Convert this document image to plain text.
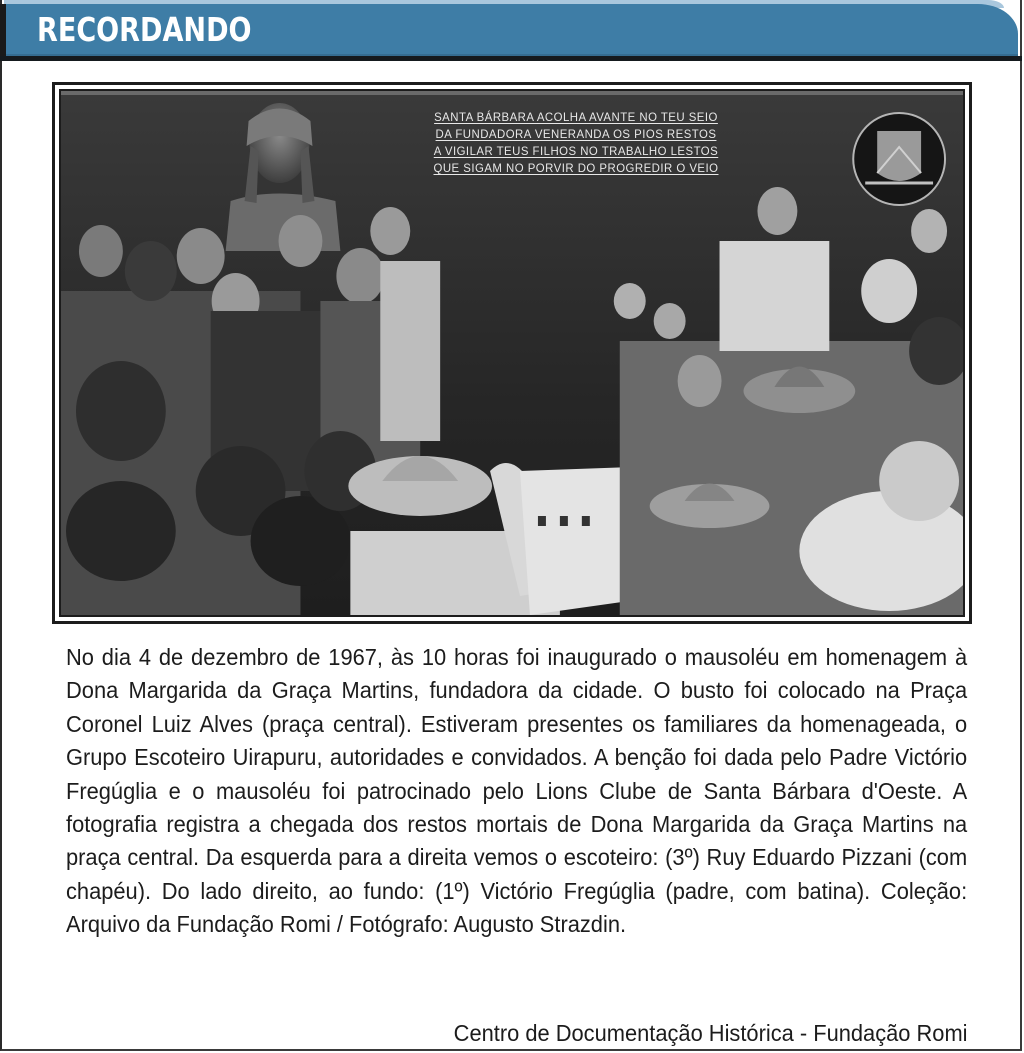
RECORDANDO
SANTA BÁRBARA ACOLHA AVANTE NO TEU SEIO
DA FUNDADORA VENERANDA OS PIOS RESTOS
A VIGILAR TEUS FILHOS NO TRABALHO LESTOS
QUE SIGAM NO PORVIR DO PROGREDIR O VEIO
No dia 4 de dezembro de 1967, às 10 horas foi inaugurado o mausoléu em homenagem à Dona Margarida da Graça Martins, fundadora da cidade. O busto foi colocado na Praça Coronel Luiz Alves (praça central). Estiveram presentes os familiares da homenageada, o Grupo Escoteiro Uirapuru, autoridades e convidados. A benção foi dada pelo Padre Victório Fregúglia e o mausoléu foi patrocinado pelo Lions Clube de Santa Bárbara d'Oeste. A fotografia registra a chegada dos restos mortais de Dona Margarida da Graça Martins na praça central. Da esquerda para a direita vemos o escoteiro: (3º) Ruy Eduardo Pizzani (com chapéu). Do lado direito, ao fundo: (1º) Victório Fregúglia (padre, com batina). Coleção: Arquivo da Fundação Romi / Fotógrafo: Augusto Strazdin.
Centro de Documentação Histórica - Fundação Romi
